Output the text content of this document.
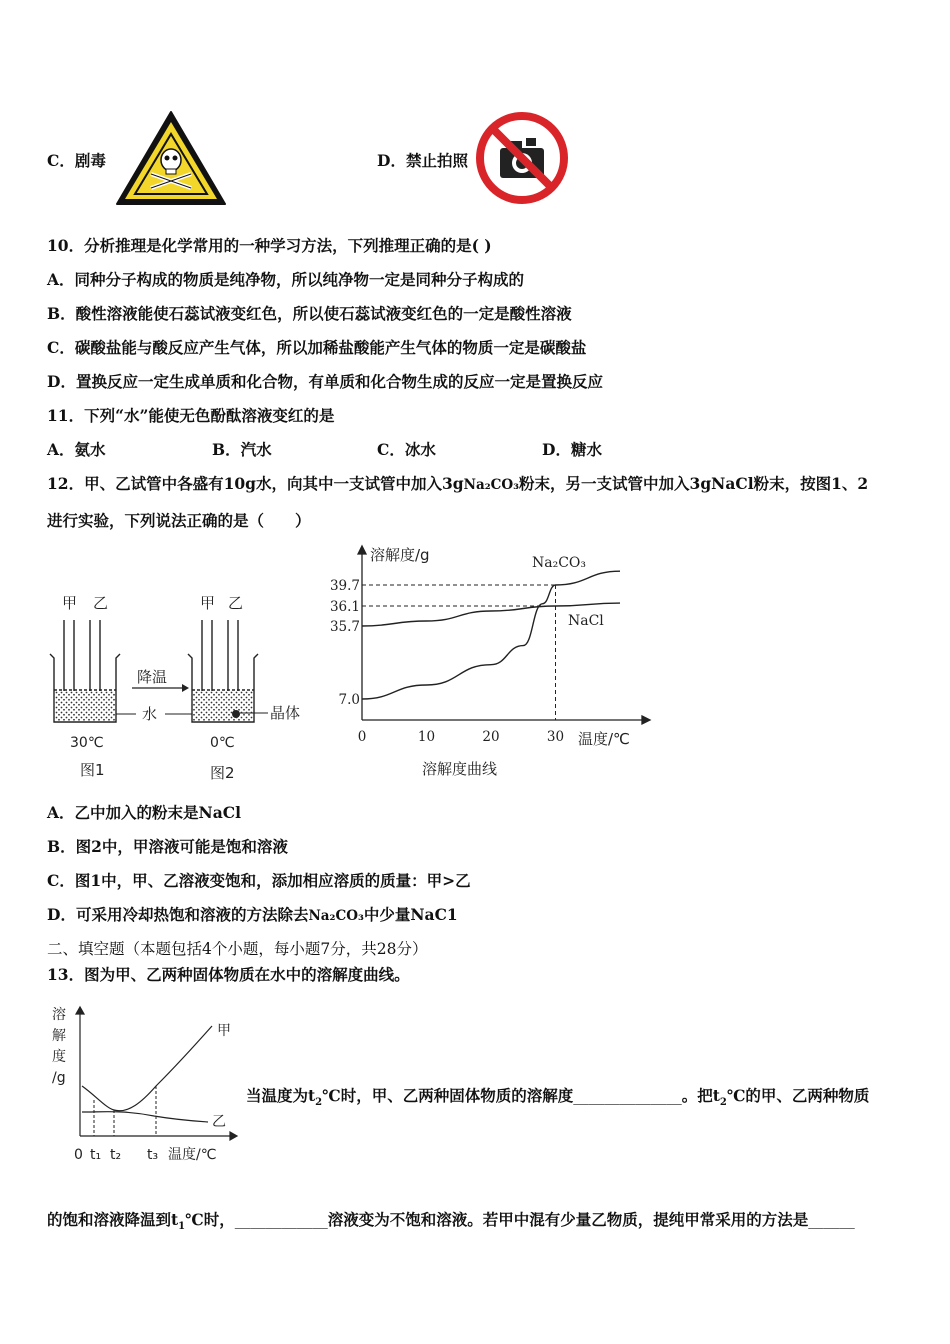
C．剧毒	D．禁止拍照
10．分析推理是化学常用的一种学习方法，下列推理正确的是( )
A．同种分子构成的物质是纯净物，所以纯净物一定是同种分子构成的
B．酸性溶液能使石蕊试液变红色，所以使石蕊试液变红色的一定是酸性溶液
C．碳酸盐能与酸反应产生气体，所以加稀盐酸能产生气体的物质一定是碳酸盐
D．置换反应一定生成单质和化合物，有单质和化合物生成的反应一定是置换反应
11．下列“水”能使无色酚酞溶液变红的是
A．氨水	B．汽水	C．冰水	D．糖水
12．甲、乙试管中各盛有10g水，向其中一支试管中加入3gNa₂CO₃粉末，另一支试管中加入3gNaCl粉末，按图1、2
进行实验，下列说法正确的是（　　）
甲 乙	甲 乙
降温
水	晶体
30℃	0℃
图1	图2
溶解度/g
温度/℃
溶解度曲线
Na₂CO₃
NaCl
39.7
36.1
35.7
7.0
0	10	20	30
A．乙中加入的粉末是NaCl
B．图2中，甲溶液可能是饱和溶液
C．图1中，甲、乙溶液变饱和，添加相应溶质的质量：甲>乙
D．可采用冷却热饱和溶液的方法除去Na₂CO₃中少量NaC1
二、填空题（本题包括4个小题，每小题7分，共28分）
13．图为甲、乙两种固体物质在水中的溶解度曲线。
溶
解
度
/g
甲
乙
0 t₁ t₂ t₃ 温度/℃
当温度为$t_2℃$时，甲、乙两种固体物质的溶解度______________。把$t_2℃$的甲、乙两种物质
的饱和溶液降温到$t_1℃$时，____________溶液变为不饱和溶液。若甲中混有少量乙物质，提纯甲常采用的方法是______
